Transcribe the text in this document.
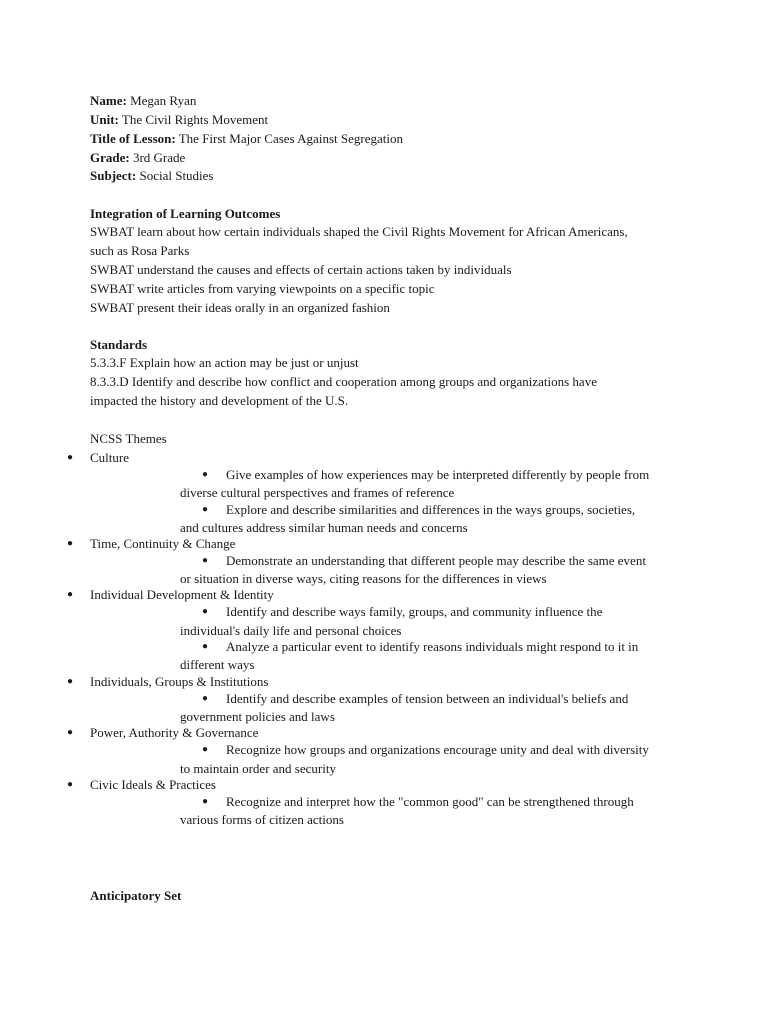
Name: Megan Ryan
Unit: The Civil Rights Movement
Title of Lesson: The First Major Cases Against Segregation
Grade: 3rd Grade
Subject: Social Studies
Integration of Learning Outcomes
SWBAT learn about how certain individuals shaped the Civil Rights Movement for African Americans,
such as Rosa Parks
SWBAT understand the causes and effects of certain actions taken by individuals
SWBAT write articles from varying viewpoints on a specific topic
SWBAT present their ideas orally in an organized fashion
Standards
5.3.3.F Explain how an action may be just or unjust
8.3.3.D Identify and describe how conflict and cooperation among groups and organizations have
impacted the history and development of the U.S.
NCSS Themes
● Culture
● Give examples of how experiences may be interpreted differently by people from
diverse cultural perspectives and frames of reference
● Explore and describe similarities and differences in the ways groups, societies,
and cultures address similar human needs and concerns
● Time, Continuity & Change
● Demonstrate an understanding that different people may describe the same event
or situation in diverse ways, citing reasons for the differences in views
● Individual Development & Identity
● Identify and describe ways family, groups, and community influence the
individual's daily life and personal choices
● Analyze a particular event to identify reasons individuals might respond to it in
different ways
● Individuals, Groups & Institutions
● Identify and describe examples of tension between an individual's beliefs and
government policies and laws
● Power, Authority & Governance
● Recognize how groups and organizations encourage unity and deal with diversity
to maintain order and security
● Civic Ideals & Practices
● Recognize and interpret how the "common good" can be strengthened through
various forms of citizen actions
Anticipatory Set
